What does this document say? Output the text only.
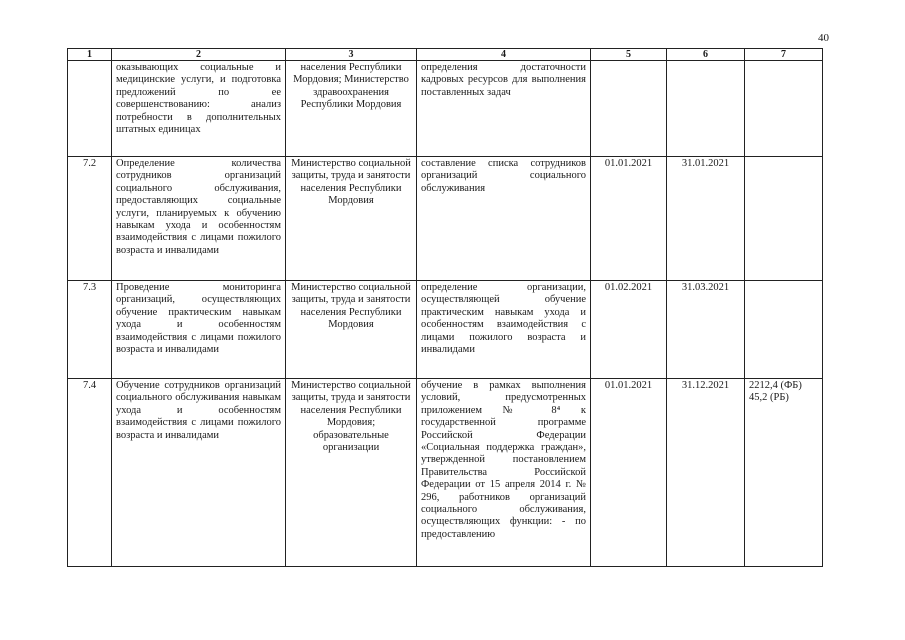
40
1	2	3	4	5	6	7
	оказывающих социальные и медицинские услуги, и подготовка предложений по ее совершенствованию: анализ потребности в дополнительных штатных единицах	населения Республики Мордовия; Министерство здравоохранения Республики Мордовия	определения достаточности кадровых ресурсов для выполнения поставленных задач			
7.2	Определение количества сотрудников организаций социального обслуживания, предоставляющих социальные услуги, планируемых к обучению навыкам ухода и особенностям взаимодействия с лицами пожилого возраста и инвалидами	Министерство социальной защиты, труда и занятости населения Республики Мордовия	составление списка сотрудников организаций социального обслуживания	01.01.2021	31.01.2021	
7.3	Проведение мониторинга организаций, осуществляющих обучение практическим навыкам ухода и особенностям взаимодействия с лицами пожилого возраста и инвалидами	Министерство социальной защиты, труда и занятости населения Республики Мордовия	определение организации, осуществляющей обучение практическим навыкам ухода и особенностям взаимодействия с лицами пожилого возраста и инвалидами	01.02.2021	31.03.2021	
7.4	Обучение сотрудников организаций социального обслуживания навыкам ухода и особенностям взаимодействия с лицами пожилого возраста и инвалидами	Министерство социальной защиты, труда и занятости населения Республики Мордовия; образовательные организации	обучение в рамках выполнения условий, предусмотренных приложением № 8⁴ к государственной программе Российской Федерации «Социальная поддержка граждан», утвержденной постановлением Правительства Российской Федерации от 15 апреля 2014 г. № 296, работников организаций социального обслуживания, осуществляющих функции: - по предоставлению	01.01.2021	31.12.2021	2212,4 (ФБ) 45,2 (РБ)
